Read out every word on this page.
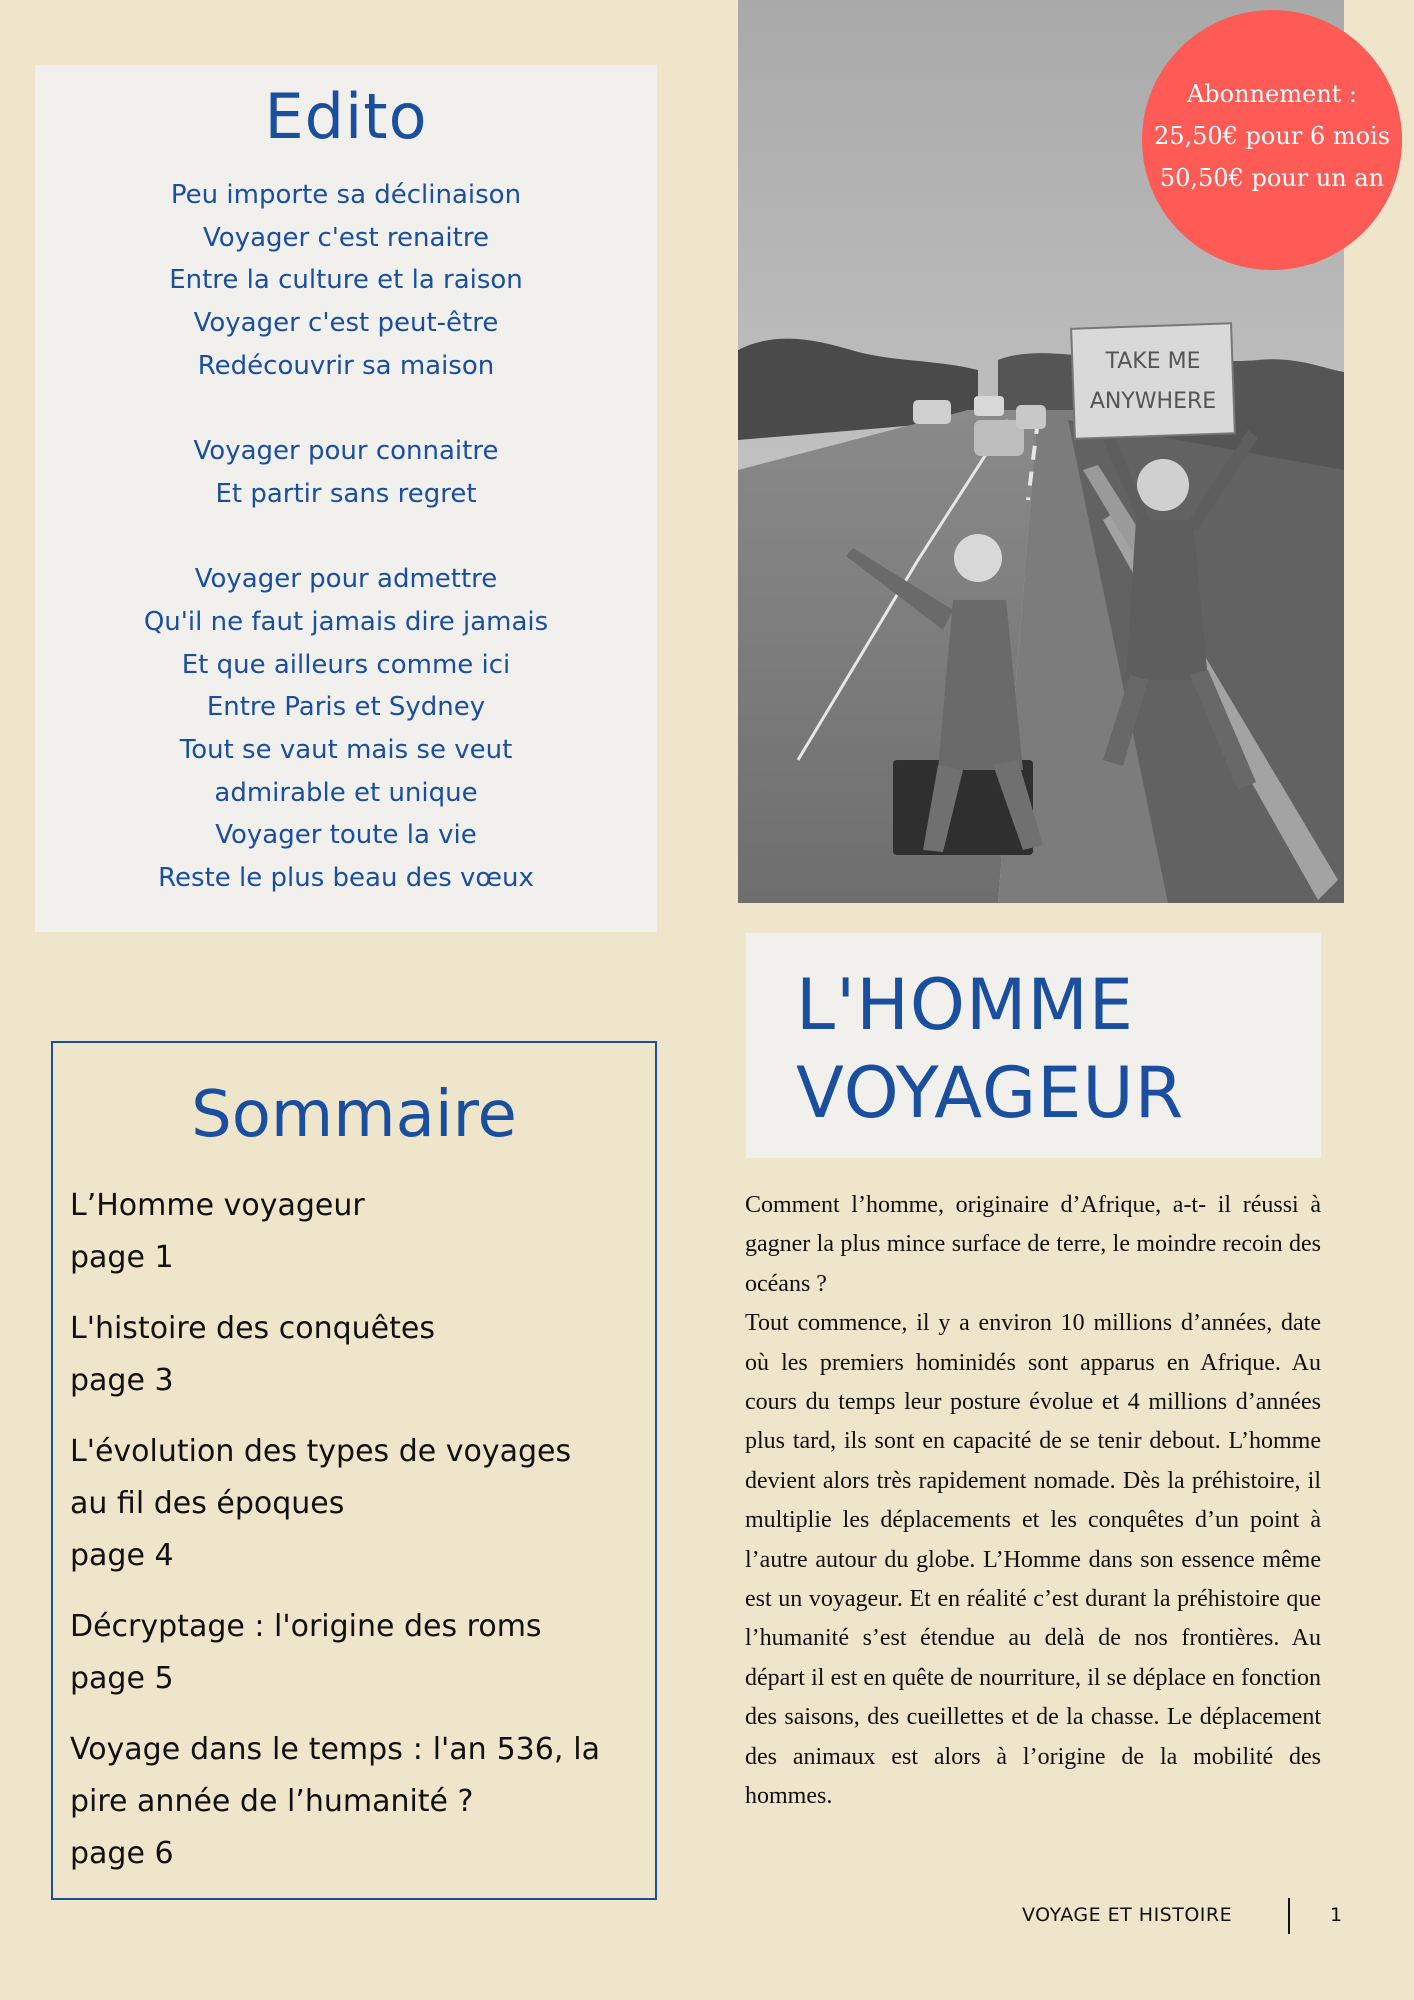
Edito
Peu importe sa déclinaison
Voyager c'est renaitre
Entre la culture et la raison
Voyager c'est peut-être
Redécouvrir sa maison
Voyager pour connaitre
Et partir sans regret
Voyager pour admettre
Qu'il ne faut jamais dire jamais
Et que ailleurs comme ici
Entre Paris et Sydney
Tout se vaut mais se veut
admirable et unique
Voyager toute la vie
Reste le plus beau des vœux
TAKE ME
ANYWHERE
Abonnement :
25,50€ pour 6 mois
50,50€ pour un an
L'HOMME
VOYAGEUR
Sommaire
L’Homme voyageur
page 1
L'histoire des conquêtes
page 3
L'évolution des types de voyages au fil des époques
page 4
Décryptage : l'origine des roms
page 5
Voyage dans le temps : l'an 536, la pire année de l’humanité ?
page 6

Comment l’homme, originaire d’Afrique, a-t- il réussi à gagner la plus mince surface de terre, le moindre recoin des océans ?

Tout commence, il y a environ 10 millions d’années, date où les premiers hominidés sont apparus en Afrique. Au cours du temps leur posture évolue et 4 millions d’années plus tard, ils sont en capacité de se tenir debout. L’homme devient alors très rapidement nomade. Dès la préhistoire, il multiplie les déplacements et les conquêtes d’un point à l’autre autour du globe. L’Homme dans son essence même est un voyageur. Et en réalité c’est durant la préhistoire que l’humanité s’est étendue au delà de nos frontières. Au départ il est en quête de nourriture, il se déplace en fonction des saisons, des cueillettes et de la chasse. Le déplacement des animaux est alors à l’origine de la mobilité des hommes.

VOYAGE ET HISTOIRE	1
